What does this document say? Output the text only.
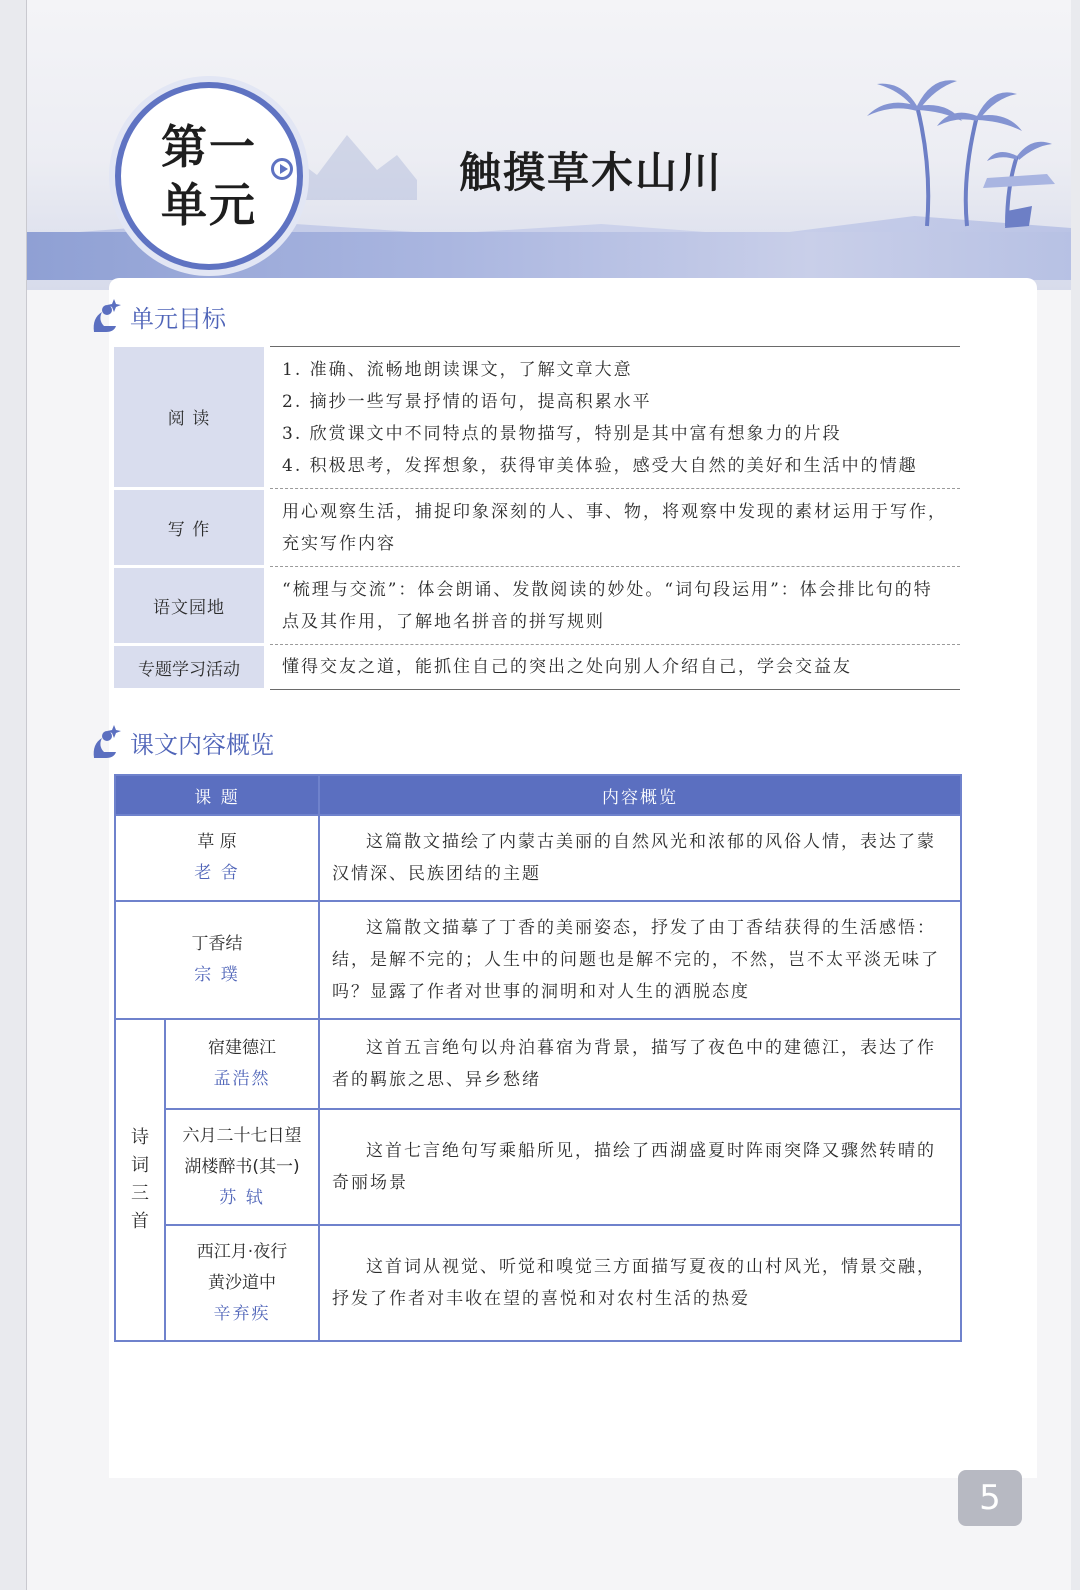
第一
单元
触摸草木山川
单元目标
阅 读		1. 准确、流畅地朗读课文，了解文章大意
2. 摘抄一些写景抒情的语句，提高积累水平
3. 欣赏课文中不同特点的景物描写，特别是其中富有想象力的片段
4. 积极思考，发挥想象，获得审美体验，感受大自然的美好和生活中的情趣

写 作		用心观察生活，捕捉印象深刻的人、事、物，将观察中发现的素材运用于写作，充实写作内容
语文园地		“梳理与交流”：体会朗诵、发散阅读的妙处。“词句段运用”：体会排比句的特点及其作用，了解地名拼音的拼写规则
专题学习活动		懂得交友之道，能抓住自己的突出之处向别人介绍自己，学会交益友
课文内容概览
课 题		内容概览

草 原
老 舍		这篇散文描绘了内蒙古美丽的自然风光和浓郁的风俗人情，表达了蒙汉情深、民族团结的主题

丁香结
宗 璞		这篇散文描摹了丁香的美丽姿态，抒发了由丁香结获得的生活感悟：结，是解不完的；人生中的问题也是解不完的，不然，岂不太平淡无味了吗？显露了作者对世事的洞明和对人生的洒脱态度

诗
词
三
首	宿建德江
孟浩然	这首五言绝句以舟泊暮宿为背景，描写了夜色中的建德江，表达了作者的羁旅之思、异乡愁绪

	六月二十七日望
湖楼醉书(其一)
苏 轼	这首七言绝句写乘船所见，描绘了西湖盛夏时阵雨突降又骤然转晴的奇丽场景

	西江月·夜行
黄沙道中
辛弃疾	这首词从视觉、听觉和嗅觉三方面描写夏夜的山村风光，情景交融，抒发了作者对丰收在望的喜悦和对农村生活的热爱
5
